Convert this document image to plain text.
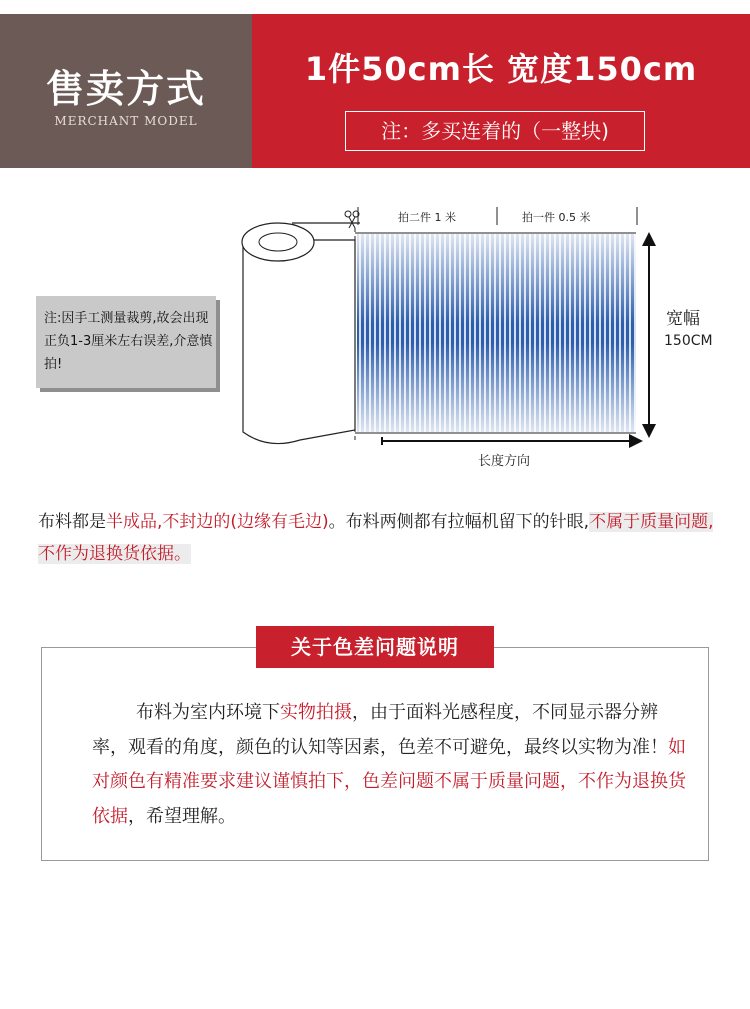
售卖方式
MERCHANT MODEL
1件50cm长 宽度150cm
注：多买连着的（一整块)
拍二件 1 米	拍一件 0.5 米
长度方向
注:因手工测量裁剪,故会出现正负1-3厘米左右误差,介意慎拍!
宽幅
150CM
布料都是半成品,不封边的(边缘有毛边)。布料两侧都有拉幅机留下的针眼,不属于质量问题,不作为退换货依据。
关于色差问题说明
布料为室内环境下实物拍摄，由于面料光感程度，不同显示器分辨率，观看的角度，颜色的认知等因素，色差不可避免，最终以实物为准！如对颜色有精准要求建议谨慎拍下，色差问题不属于质量问题，不作为退换货依据，希望理解。
